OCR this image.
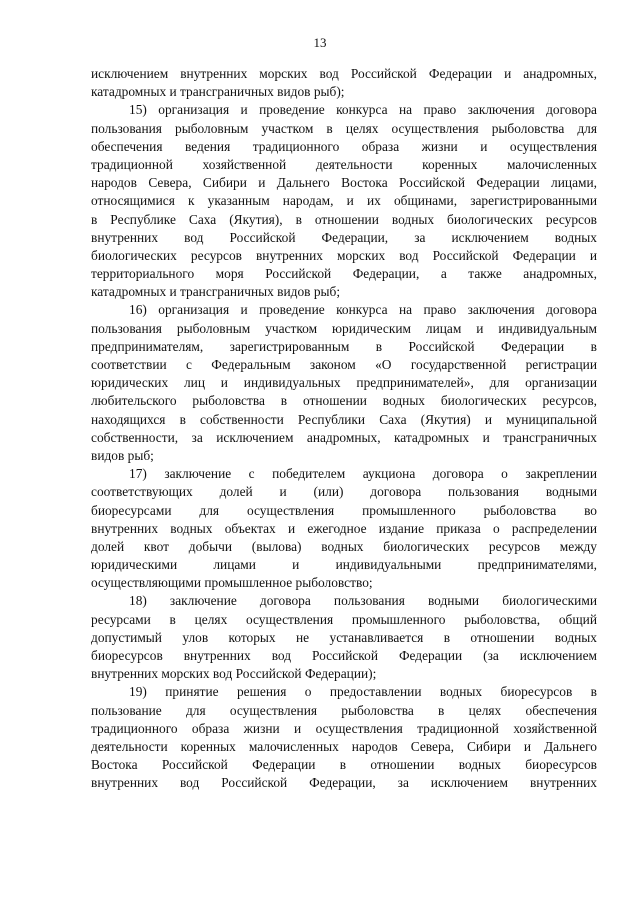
13
исключением внутренних морских вод Российской Федерации и анадромных,
катадромных и трансграничных видов рыб);
15) организация и проведение конкурса на право заключения договора
пользования рыболовным участком в целях осуществления рыболовства для
обеспечения ведения традиционного образа жизни и осуществления
традиционной хозяйственной деятельности коренных малочисленных
народов Севера, Сибири и Дальнего Востока Российской Федерации лицами,
относящимися к указанным народам, и их общинами, зарегистрированными
в Республике Саха (Якутия), в отношении водных биологических ресурсов
внутренних вод Российской Федерации, за исключением водных
биологических ресурсов внутренних морских вод Российской Федерации и
территориального моря Российской Федерации, а также анадромных,
катадромных и трансграничных видов рыб;
16) организация и проведение конкурса на право заключения договора
пользования рыболовным участком юридическим лицам и индивидуальным
предпринимателям, зарегистрированным в Российской Федерации в
соответствии с Федеральным законом «О государственной регистрации
юридических лиц и индивидуальных предпринимателей», для организации
любительского рыболовства в отношении водных биологических ресурсов,
находящихся в собственности Республики Саха (Якутия) и муниципальной
собственности, за исключением анадромных, катадромных и трансграничных
видов рыб;
17) заключение с победителем аукциона договора о закреплении
соответствующих долей и (или) договора пользования водными
биоресурсами для осуществления промышленного рыболовства во
внутренних водных объектах и ежегодное издание приказа о распределении
долей квот добычи (вылова) водных биологических ресурсов между
юридическими лицами и индивидуальными предпринимателями,
осуществляющими промышленное рыболовство;
18) заключение договора пользования водными биологическими
ресурсами в целях осуществления промышленного рыболовства, общий
допустимый улов которых не устанавливается в отношении водных
биоресурсов внутренних вод Российской Федерации (за исключением
внутренних морских вод Российской Федерации);
19) принятие решения о предоставлении водных биоресурсов в
пользование для осуществления рыболовства в целях обеспечения
традиционного образа жизни и осуществления традиционной хозяйственной
деятельности коренных малочисленных народов Севера, Сибири и Дальнего
Востока Российской Федерации в отношении водных биоресурсов
внутренних вод Российской Федерации, за исключением внутренних
